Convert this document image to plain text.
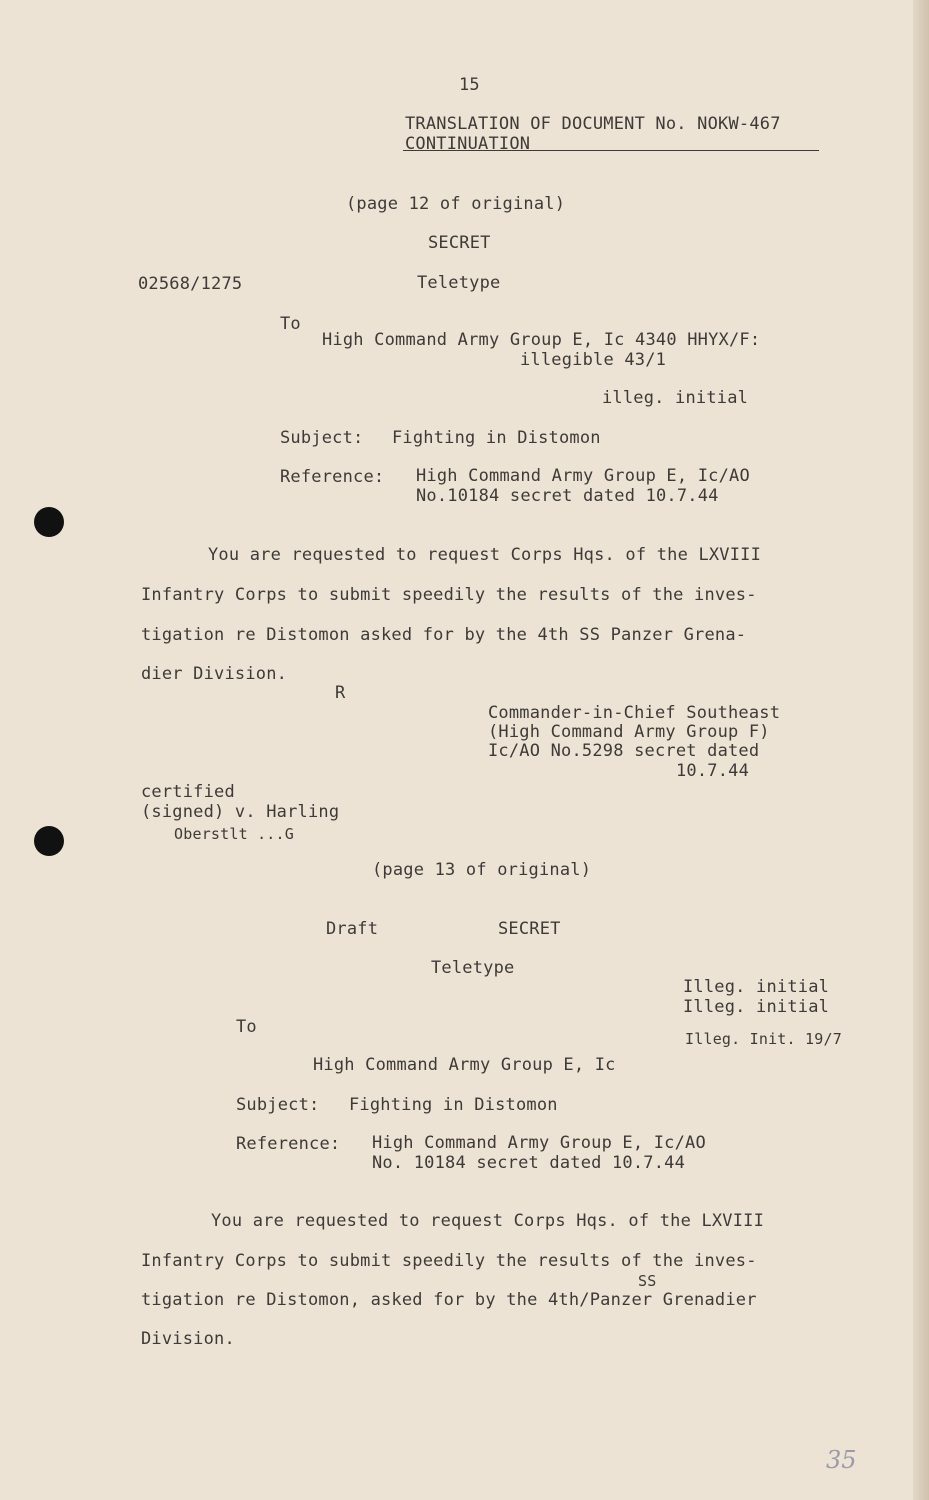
15
TRANSLATION OF DOCUMENT No. NOKW-467
CONTINUATION
(page 12 of original)
SECRET
02568/1275	Teletype
To
High Command Army Group E, Ic 4340 HHYX/F:
illegible 43/1
illeg. initial
Subject: Fighting in Distomon
Reference: High Command Army Group E, Ic/AO
No.10184 secret dated 10.7.44
You are requested to request Corps Hqs. of the LXVIII
Infantry Corps to submit speedily the results of the inves-
tigation re Distomon asked for by the 4th SS Panzer Grena-
dier Division.
R
Commander-in-Chief Southeast
(High Command Army Group F)
Ic/AO No.5298 secret dated
10.7.44
certified
(signed) v. Harling
Oberstlt ...G
(page 13 of original)
Draft	SECRET
Teletype
Illeg. initial
Illeg. initial
Illeg. Init. 19/7
To
High Command Army Group E, Ic
Subject: Fighting in Distomon
Reference: High Command Army Group E, Ic/AO
No. 10184 secret dated 10.7.44
You are requested to request Corps Hqs. of the LXVIII
Infantry Corps to submit speedily the results of the inves-
SS
tigation re Distomon, asked for by the 4th/Panzer Grenadier
Division.
35
